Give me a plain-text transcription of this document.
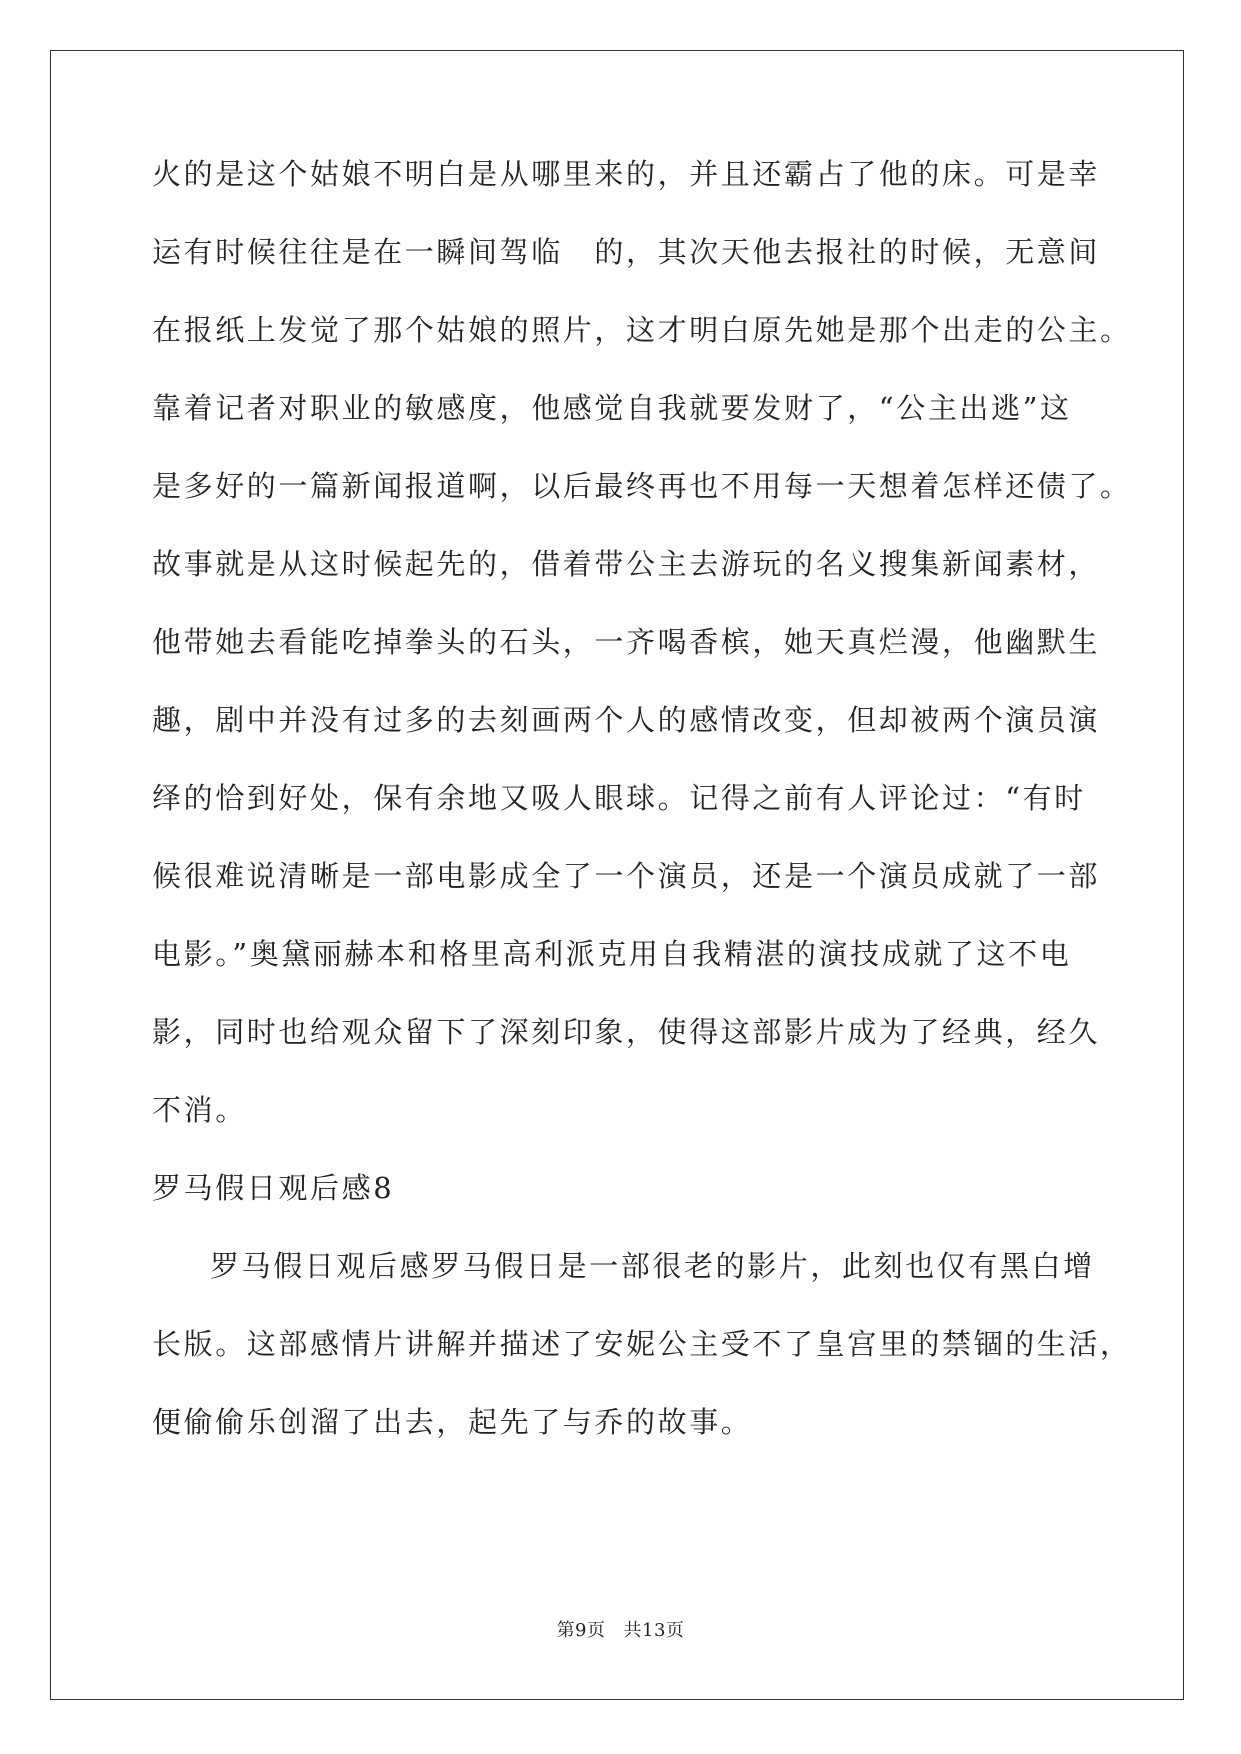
火的是这个姑娘不明白是从哪里来的，并且还霸占了他的床。可是幸
运有时候往往是在一瞬间驾临　的，其次天他去报社的时候，无意间
在报纸上发觉了那个姑娘的照片，这才明白原先她是那个出走的公主。
靠着记者对职业的敏感度，他感觉自我就要发财了，“公主出逃”这
是多好的一篇新闻报道啊，以后最终再也不用每一天想着怎样还债了。
故事就是从这时候起先的，借着带公主去游玩的名义搜集新闻素材，
他带她去看能吃掉拳头的石头，一齐喝香槟，她天真烂漫，他幽默生
趣，剧中并没有过多的去刻画两个人的感情改变，但却被两个演员演
绎的恰到好处，保有余地又吸人眼球。记得之前有人评论过：“有时
候很难说清晰是一部电影成全了一个演员，还是一个演员成就了一部
电影。”奥黛丽赫本和格里高利派克用自我精湛的演技成就了这不电
影，同时也给观众留下了深刻印象，使得这部影片成为了经典，经久
不消。
罗马假日观后感8
罗马假日观后感罗马假日是一部很老的影片，此刻也仅有黑白增
长版。这部感情片讲解并描述了安妮公主受不了皇宫里的禁锢的生活，
便偷偷乐创溜了出去，起先了与乔的故事。
第9页 共13页
